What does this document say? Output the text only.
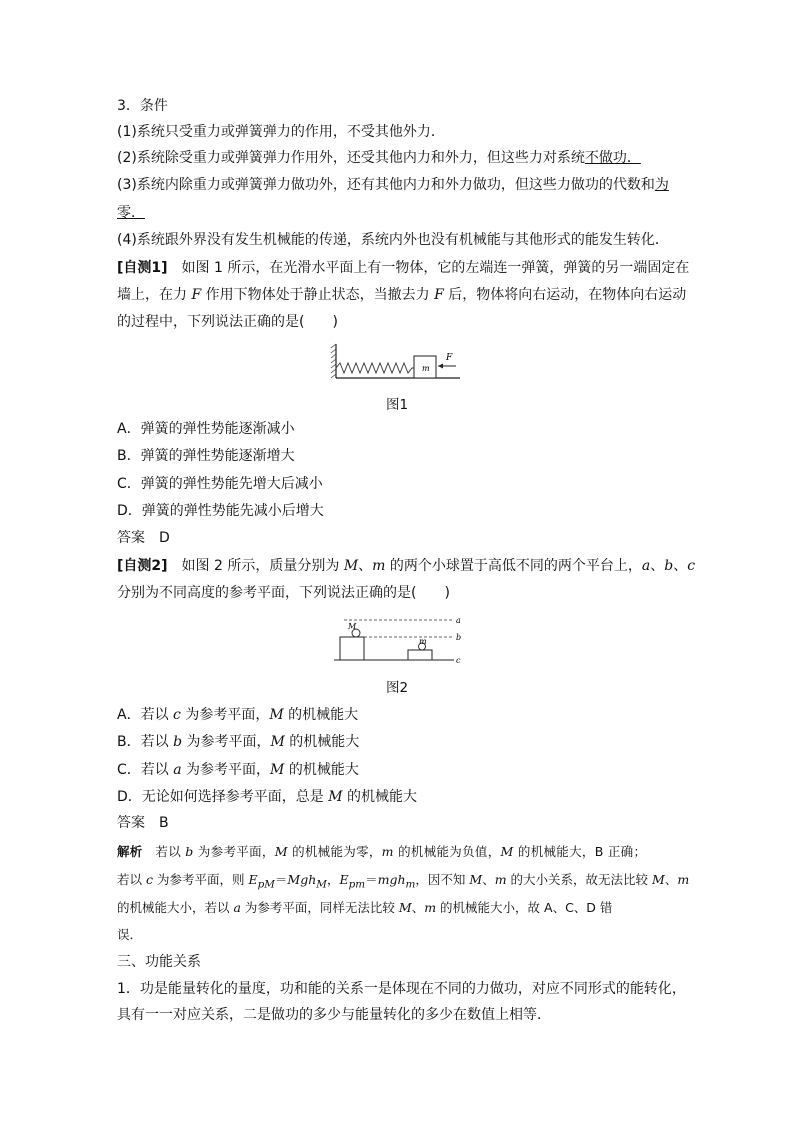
3．条件
(1)系统只受重力或弹簧弹力的作用，不受其他外力．
(2)系统除受重力或弹簧弹力作用外，还受其他内力和外力，但这些力对系统不做功．
(3)系统内除重力或弹簧弹力做功外，还有其他内力和外力做功，但这些力做功的代数和为
零．
(4)系统跟外界没有发生机械能的传递，系统内外也没有机械能与其他形式的能发生转化．
[自测1]　 如图 1 所示，在光滑水平面上有一物体，它的左端连一弹簧，弹簧的另一端固定在
墙上，在力 F 作用下物体处于静止状态，当撤去力 F 后，物体将向右运动，在物体向右运动
的过程中，下列说法正确的是(　　)
m
F
图1
A．弹簧的弹性势能逐渐减小
B．弹簧的弹性势能逐渐增大
C．弹簧的弹性势能先增大后减小
D．弹簧的弹性势能先减小后增大
答案　D
[自测2]　 如图 2 所示，质量分别为 M、m 的两个小球置于高低不同的两个平台上，a、b、c
分别为不同高度的参考平面，下列说法正确的是(　　)
a
b
c
M
m
图2
A．若以 c 为参考平面，M 的机械能大
B．若以 b 为参考平面，M 的机械能大
C．若以 a 为参考平面，M 的机械能大
D．无论如何选择参考平面，总是 M 的机械能大
答案　B
解析　若以 b 为参考平面，M 的机械能为零，m 的机械能为负值，M 的机械能大，B 正确；
若以 c 为参考平面，则 $E_{pM}=Mgh_M$，$E_{pm}=mgh_m$，因不知 M、m 的大小关系，故无法比较 M、m
的机械能大小，若以 a 为参考平面，同样无法比较 M、m 的机械能大小，故 A、C、D 错
误．
三、功能关系
1．功是能量转化的量度，功和能的关系一是体现在不同的力做功，对应不同形式的能转化，
具有一一对应关系，二是做功的多少与能量转化的多少在数值上相等．
